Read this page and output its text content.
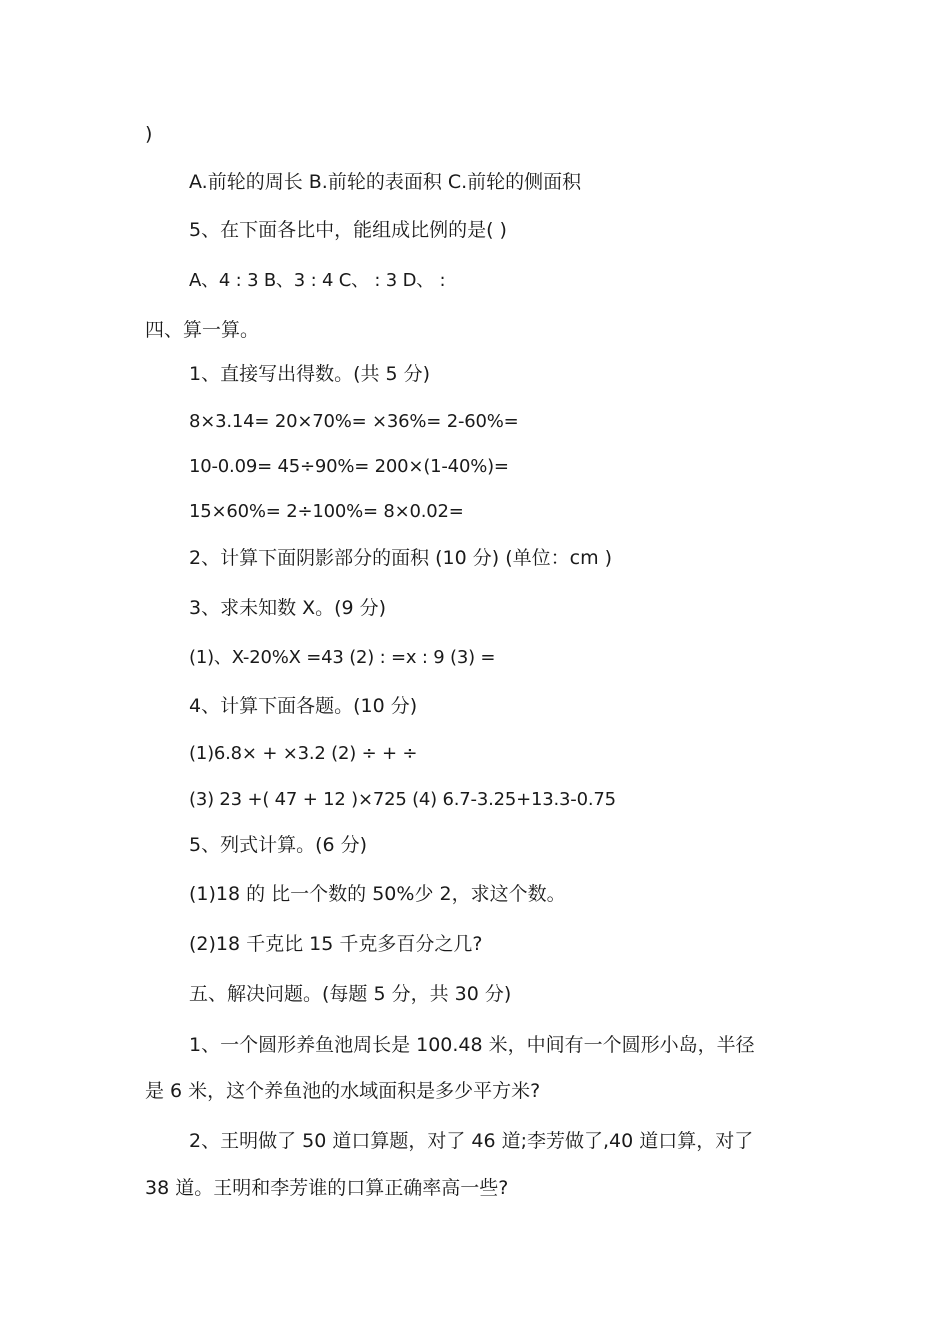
)
A.前轮的周长 B.前轮的表面积 C.前轮的侧面积
5、在下面各比中，能组成比例的是( )
A、4 : 3 B、3 : 4 C、 : 3 D、 :
四、算一算。
1、直接写出得数。(共 5 分)
8×3.14= 20×70%= ×36%= 2-60%=
10-0.09= 45÷90%= 200×(1-40%)=
15×60%= 2÷100%= 8×0.02=
2、计算下面阴影部分的面积 (10 分) (单位：cm )
3、求未知数 X。(9 分)
(1)、X-20%X =43 (2) : =x : 9 (3) =
4、计算下面各题。(10 分)
(1)6.8× + ×3.2 (2) ÷ + ÷
(3) 23 +( 47 + 12 )×725 (4) 6.7-3.25+13.3-0.75
5、列式计算。(6 分)
(1)18 的 比一个数的 50%少 2，求这个数。
(2)18 千克比 15 千克多百分之几?
五、解决问题。(每题 5 分，共 30 分)
1、一个圆形养鱼池周长是 100.48 米，中间有一个圆形小岛，半径
是 6 米，这个养鱼池的水域面积是多少平方米?
2、王明做了 50 道口算题，对了 46 道;李芳做了,40 道口算，对了
38 道。王明和李芳谁的口算正确率高一些?
